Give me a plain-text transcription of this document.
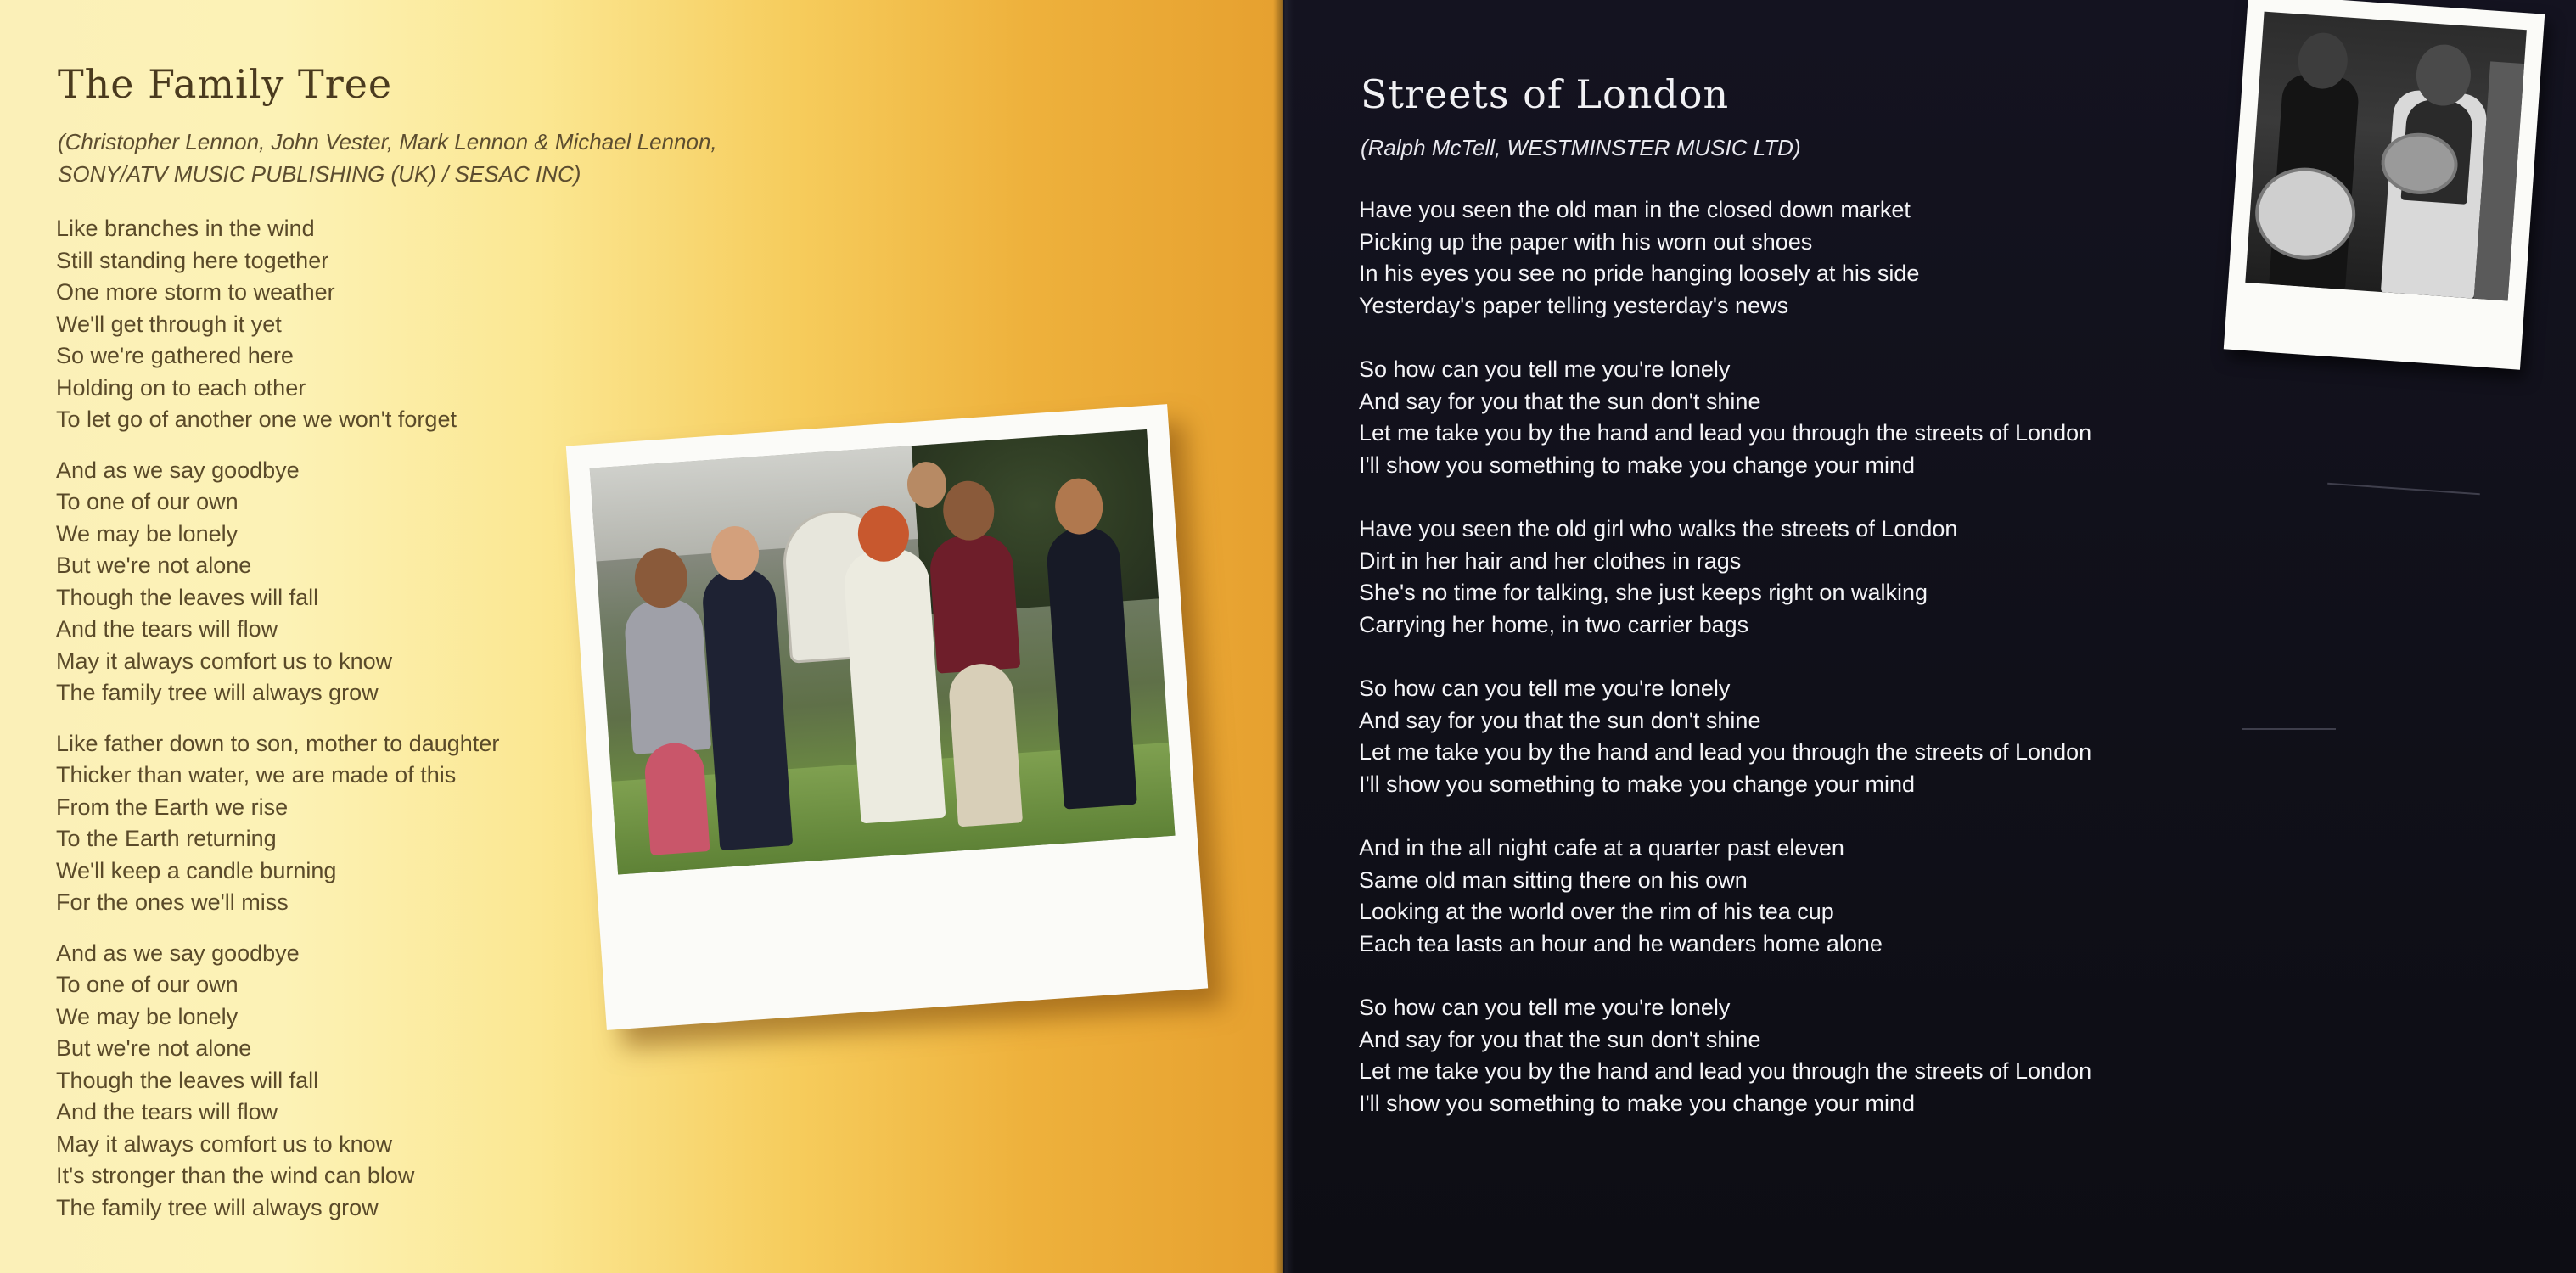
The Family Tree
(Christopher Lennon, John Vester, Mark Lennon & Michael Lennon,
SONY/ATV MUSIC PUBLISHING (UK) / SESAC INC)
Like branches in the wind
Still standing here together
One more storm to weather
We'll get through it yet
So we're gathered here
Holding on to each other
To let go of another one we won't forget
And as we say goodbye
To one of our own
We may be lonely
But we're not alone
Though the leaves will fall
And the tears will flow
May it always comfort us to know
The family tree will always grow
Like father down to son, mother to daughter
Thicker than water, we are made of this
From the Earth we rise
To the Earth returning
We'll keep a candle burning
For the ones we'll miss
And as we say goodbye
To one of our own
We may be lonely
But we're not alone
Though the leaves will fall
And the tears will flow
May it always comfort us to know
It's stronger than the wind can blow
The family tree will always grow
Streets of London
(Ralph McTell, WESTMINSTER MUSIC LTD)
Have you seen the old man in the closed down market
Picking up the paper with his worn out shoes
In his eyes you see no pride hanging loosely at his side
Yesterday's paper telling yesterday's news
So how can you tell me you're lonely
And say for you that the sun don't shine
Let me take you by the hand and lead you through the streets of London
I'll show you something to make you change your mind
Have you seen the old girl who walks the streets of London
Dirt in her hair and her clothes in rags
She's no time for talking, she just keeps right on walking
Carrying her home, in two carrier bags
So how can you tell me you're lonely
And say for you that the sun don't shine
Let me take you by the hand and lead you through the streets of London
I'll show you something to make you change your mind
And in the all night cafe at a quarter past eleven
Same old man sitting there on his own
Looking at the world over the rim of his tea cup
Each tea lasts an hour and he wanders home alone
So how can you tell me you're lonely
And say for you that the sun don't shine
Let me take you by the hand and lead you through the streets of London
I'll show you something to make you change your mind
